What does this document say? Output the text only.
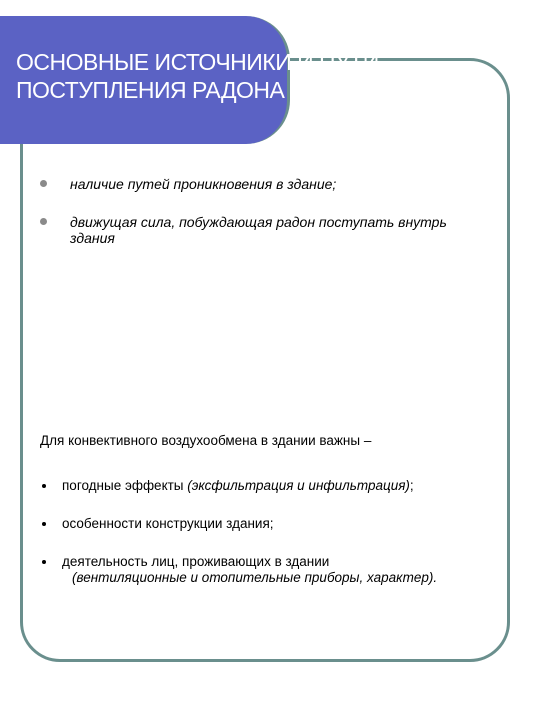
ОСНОВНЫЕ ИСТОЧНИКИ И ПУТИ
ПОСТУПЛЕНИЯ РАДОНА
наличие путей проникновения в здание;
движущая сила, побуждающая радон поступать внутрь здания
Для конвективного воздухообмена в здании важны –
погодные эффекты (эксфильтрация и инфильтрация);
особенности конструкции здания;
деятельность лиц, проживающих в здании
(вентиляционные и отопительные приборы, характер).
